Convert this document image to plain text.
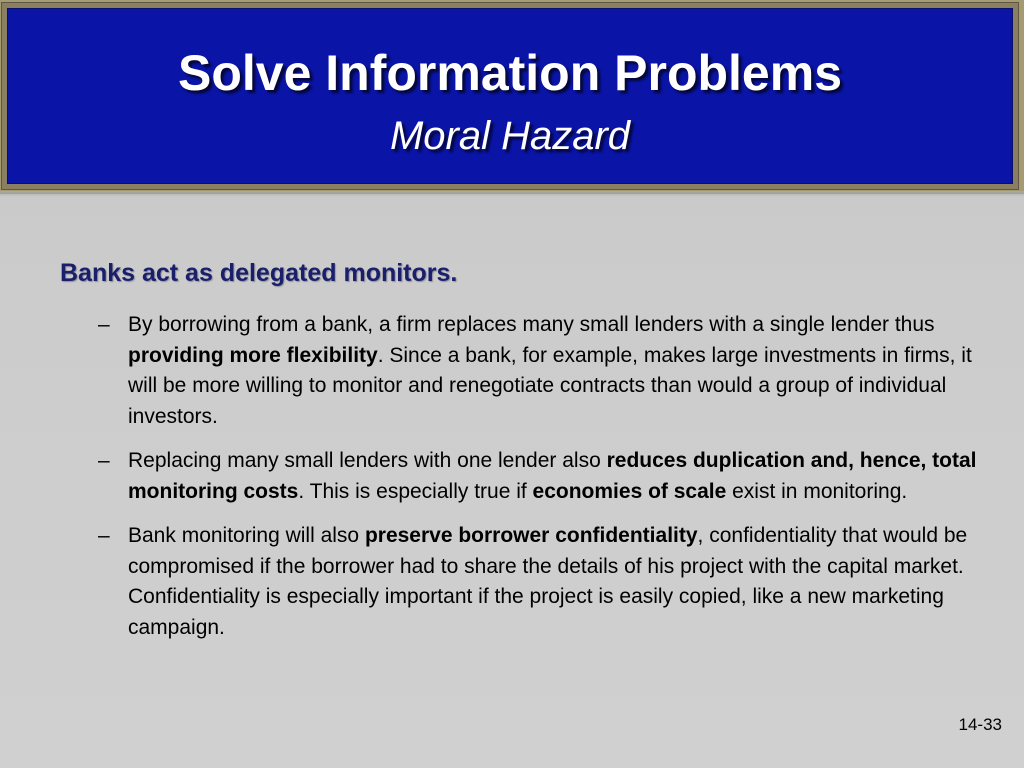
Solve Information Problems
Moral Hazard
Banks act as delegated monitors.
– By borrowing from a bank, a firm replaces many small lenders with a single lender thus providing more flexibility. Since a bank, for example, makes large investments in firms, it will be more willing to monitor and renegotiate contracts than would a group of individual investors.
– Replacing many small lenders with one lender also reduces duplication and, hence, total monitoring costs. This is especially true if economies of scale exist in monitoring.
– Bank monitoring will also preserve borrower confidentiality, confidentiality that would be compromised if the borrower had to share the details of his project with the capital market. Confidentiality is especially important if the project is easily copied, like a new marketing campaign.
14-33
